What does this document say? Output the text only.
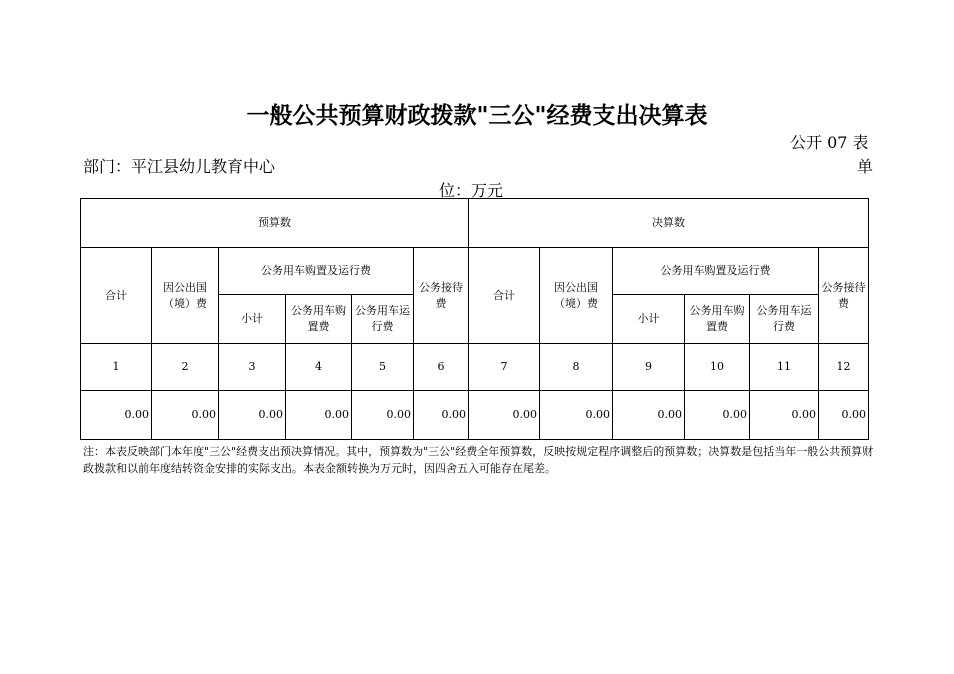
一般公共预算财政拨款"三公"经费支出决算表
公开 07 表
部门：平江县幼儿教育中心	单
位：万元
预算数						决算数					
合计	因公出国（境）费	公务用车购置及运行费			公务接待费	合计	因公出国（境）费	公务用车购置及运行费			公务接待费
		小计	公务用车购置费	公务用车运行费				小计	公务用车购置费	公务用车运行费	
1	2	3	4	5	6	7	8	9	10	11	12
0.00	0.00	0.00	0.00	0.00	0.00	0.00	0.00	0.00	0.00	0.00	0.00
注：本表反映部门本年度"三公"经费支出预决算情况。其中，预算数为"三公"经费全年预算数，反映按规定程序调整后的预算数；决算数是包括当年一般公共预算财政拨款和以前年度结转资金安排的实际支出。本表金额转换为万元时，因四舍五入可能存在尾差。
